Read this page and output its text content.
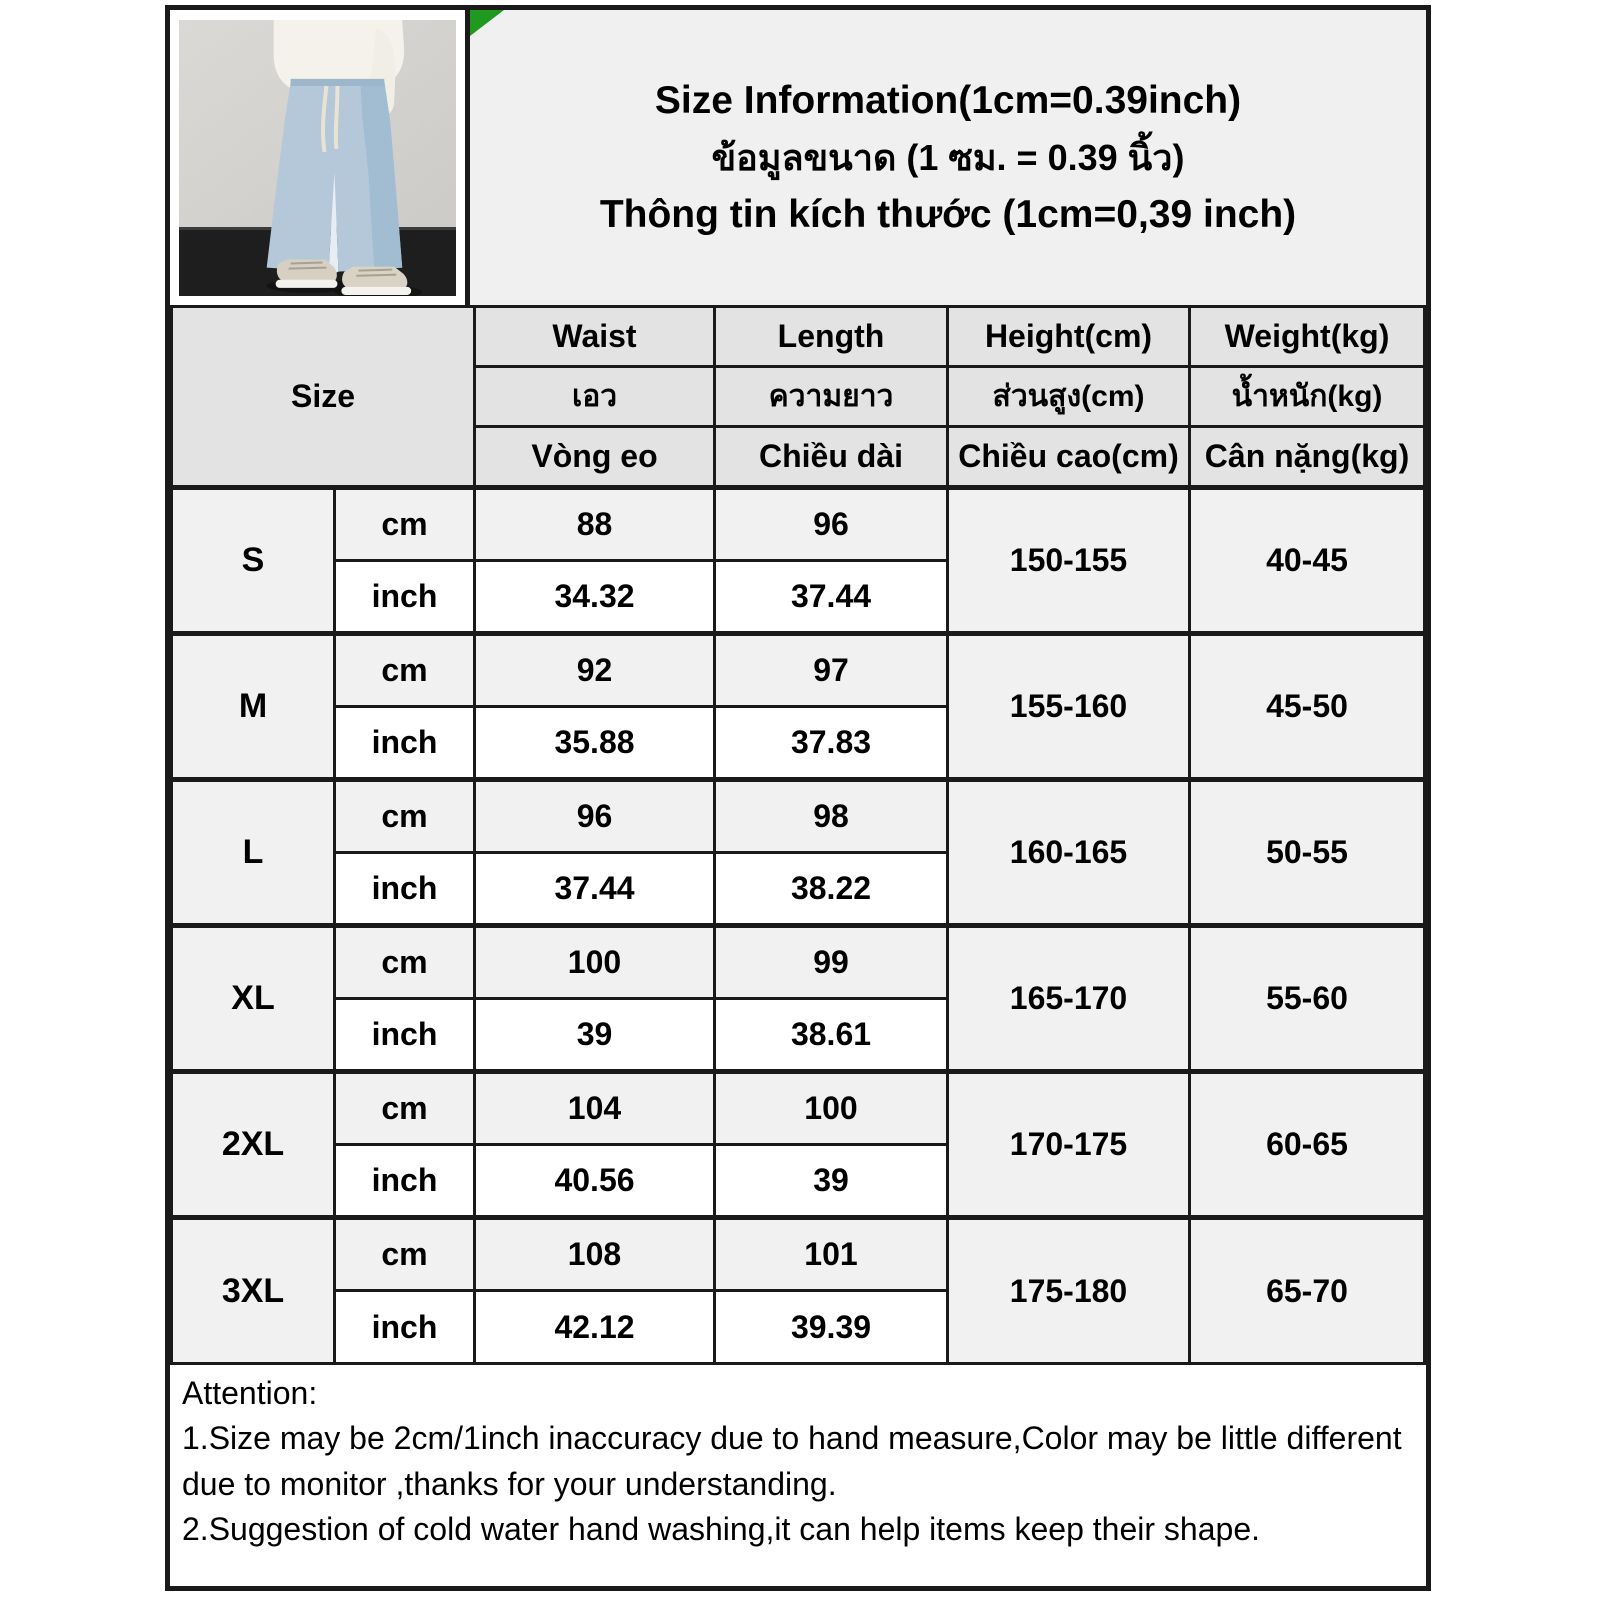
Size Information(1cm=0.39inch)
ข้อมูลขนาด (1 ซม. = 0.39 นิ้ว)
Thông tin kích thước (1cm=0,39 inch)
Size		Waist	Length	Height(cm)	Weight(kg)
		เอว	ความยาว	ส่วนสูง(cm)	น้ำหนัก(kg)
		Vòng eo	Chiều dài	Chiều cao(cm)	Cân nặng(kg)
S	cm	88	96	150-155	40-45
	inch	34.32	37.44		
M	cm	92	97	155-160	45-50
	inch	35.88	37.83		
L	cm	96	98	160-165	50-55
	inch	37.44	38.22		
XL	cm	100	99	165-170	55-60
	inch	39	38.61		
2XL	cm	104	100	170-175	60-65
	inch	40.56	39		
3XL	cm	108	101	175-180	65-70
	inch	42.12	39.39		
Attention:
1.Size may be 2cm/1inch inaccuracy due to hand measure,Color may be little different due to monitor ,thanks for your understanding.
2.Suggestion of cold water hand washing,it can help items keep their shape.
